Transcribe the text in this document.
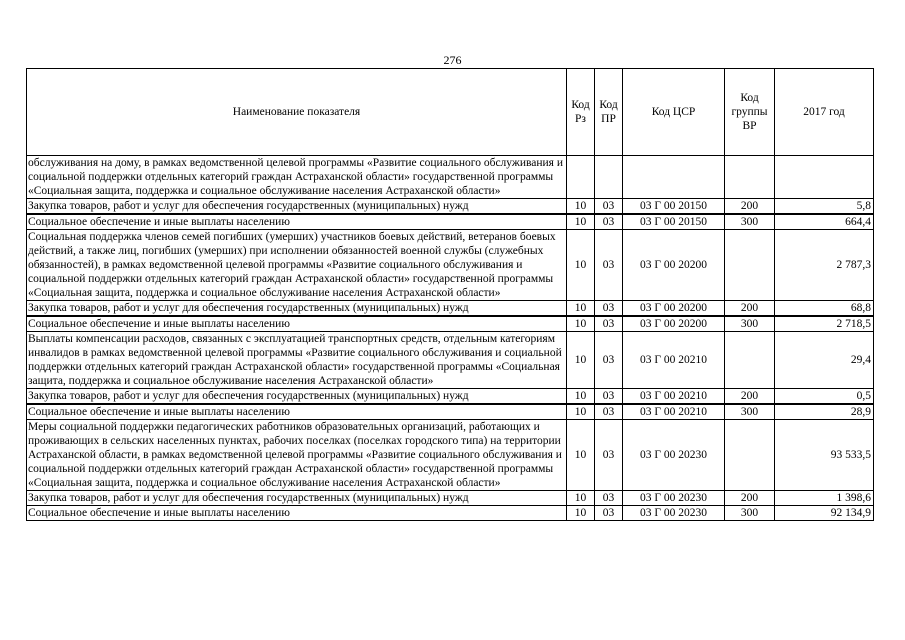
276
Наименование показателя	Код Рз	Код ПР	Код ЦСР	Код группы ВР	2017 год
обслуживания на дому, в рамках ведомственной целевой программы «Развитие социального обслуживания и социальной поддержки отдельных категорий граждан Астраханской области» государственной программы «Социальная защита, поддержка и социальное обслуживание населения Астраханской области»					
Закупка товаров, работ и услуг для обеспечения государственных (муниципальных) нужд	10	03	03 Г 00 20150	200	5,8
Социальное обеспечение и иные выплаты населению	10	03	03 Г 00 20150	300	664,4
Социальная поддержка членов семей погибших (умерших) участников боевых действий, ветеранов боевых действий, а также лиц, погибших (умерших) при исполнении обязанностей военной службы (служебных обязанностей), в рамках ведомственной целевой программы «Развитие социального обслуживания и социальной поддержки отдельных категорий граждан Астраханской области» государственной программы «Социальная защита, поддержка и социальное обслуживание населения Астраханской области»	10	03	03 Г 00 20200		2 787,3
Закупка товаров, работ и услуг для обеспечения государственных (муниципальных) нужд	10	03	03 Г 00 20200	200	68,8
Социальное обеспечение и иные выплаты населению	10	03	03 Г 00 20200	300	2 718,5
Выплаты компенсации расходов, связанных с эксплуатацией транспортных средств, отдельным категориям инвалидов в рамках ведомственной целевой программы «Развитие социального обслуживания и социальной поддержки отдельных категорий граждан Астраханской области» государственной программы «Социальная защита, поддержка и социальное обслуживание населения Астраханской области»	10	03	03 Г 00 20210		29,4
Закупка товаров, работ и услуг для обеспечения государственных (муниципальных) нужд	10	03	03 Г 00 20210	200	0,5
Социальное обеспечение и иные выплаты населению	10	03	03 Г 00 20210	300	28,9
Меры социальной поддержки педагогических работников образовательных организаций, работающих и проживающих в сельских населенных пунктах, рабочих поселках (поселках городского типа) на территории Астраханской области, в рамках ведомственной целевой программы «Развитие социального обслуживания и социальной поддержки отдельных категорий граждан Астраханской области» государственной программы «Социальная защита, поддержка и социальное обслуживание населения Астраханской области»	10	03	03 Г 00 20230		93 533,5
Закупка товаров, работ и услуг для обеспечения государственных (муниципальных) нужд	10	03	03 Г 00 20230	200	1 398,6
Социальное обеспечение и иные выплаты населению	10	03	03 Г 00 20230	300	92 134,9
